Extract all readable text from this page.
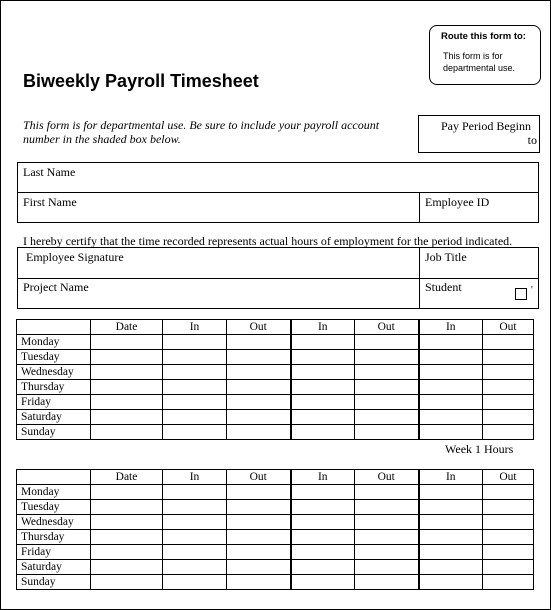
Route this form to:
This form is for departmental use.
Biweekly Payroll Timesheet
This form is for departmental use. Be sure to include your payroll account number in the shaded box below.
Pay Period Beginn
to
Last Name
First Name	Employee ID
I hereby certify that the time recorded represents actual hours of employment for the period indicated.
Employee Signature	Job Title
Project Name	Student	'
	Date	In	Out	In	Out	In	Out
Monday							
Tuesday							
Wednesday							
Thursday							
Friday							
Saturday							
Sunday							
Week 1 Hours
	Date	In	Out	In	Out	In	Out
Monday							
Tuesday							
Wednesday							
Thursday							
Friday							
Saturday							
Sunday							
